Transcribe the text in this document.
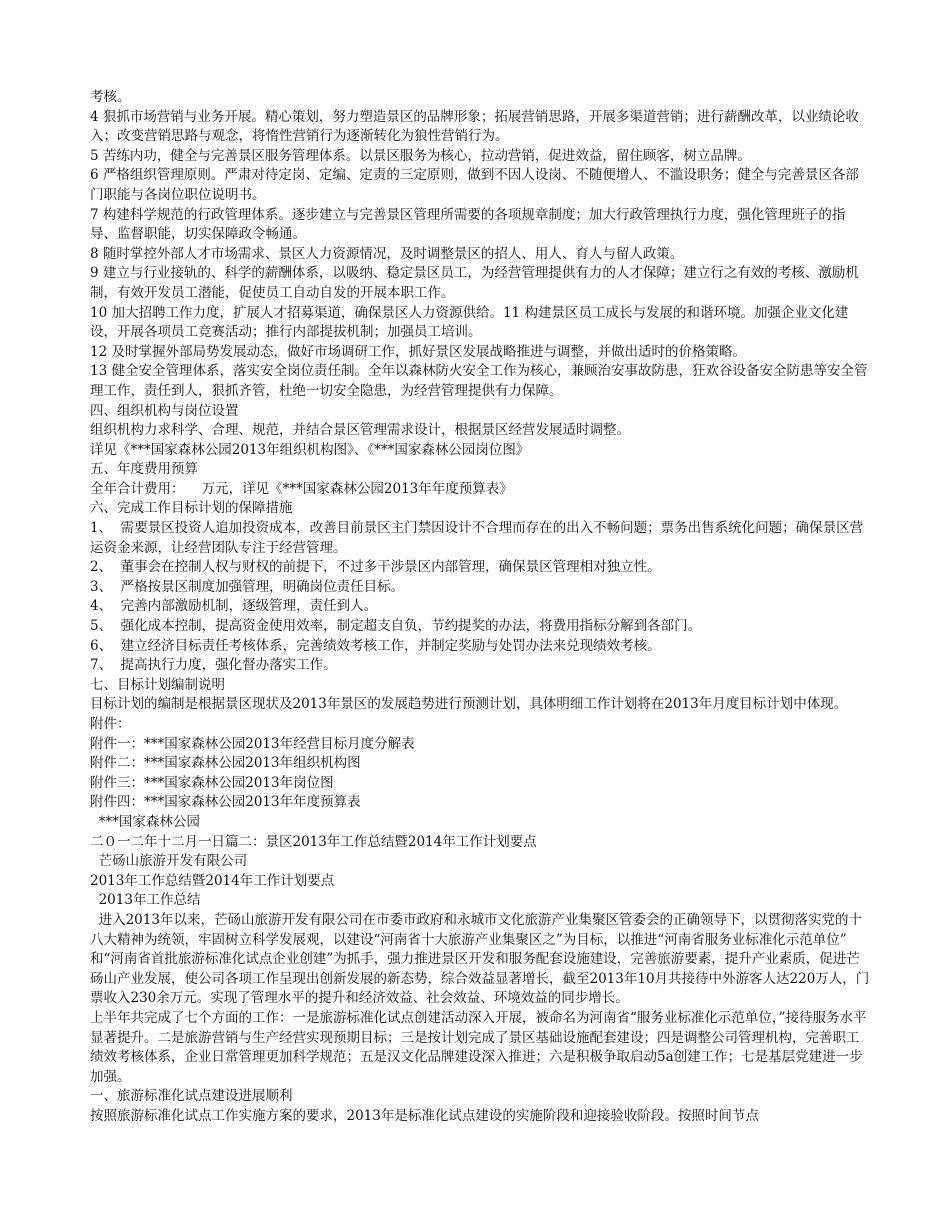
考核。

4 狠抓市场营销与业务开展。精心策划，努力塑造景区的品牌形象；拓展营销思路，开展多渠道营销；进行薪酬改革，以业绩论收入；改变营销思路与观念，将惰性营销行为逐渐转化为狼性营销行为。

5 苦练内功，健全与完善景区服务管理体系。以景区服务为核心，拉动营销，促进效益，留住顾客，树立品牌。

6 严格组织管理原则。严肃对待定岗、定编、定责的三定原则，做到不因人设岗、不随便增人、不滥设职务；健全与完善景区各部门职能与各岗位职位说明书。

7 构建科学规范的行政管理体系。逐步建立与完善景区管理所需要的各项规章制度；加大行政管理执行力度，强化管理班子的指导、监督职能，切实保障政令畅通。

8 随时掌控外部人才市场需求、景区人力资源情况，及时调整景区的招人、用人、育人与留人政策。

9 建立与行业接轨的、科学的薪酬体系，以吸纳、稳定景区员工，为经营管理提供有力的人才保障；建立行之有效的考核、激励机制，有效开发员工潜能，促使员工自动自发的开展本职工作。

10 加大招聘工作力度，扩展人才招募渠道，确保景区人力资源供给。11 构建景区员工成长与发展的和谐环境。加强企业文化建设，开展各项员工竞赛活动；推行内部提拔机制；加强员工培训。

12 及时掌握外部局势发展动态，做好市场调研工作，抓好景区发展战略推进与调整，并做出适时的价格策略。

13 健全安全管理体系，落实安全岗位责任制。全年以森林防火安全工作为核心，兼顾治安事故防患，狂欢谷设备安全防患等安全管理工作，责任到人，狠抓齐管，杜绝一切安全隐患，为经营管理提供有力保障。

四、组织机构与岗位设置

组织机构力求科学、合理、规范，并结合景区管理需求设计，根据景区经营发展适时调整。

详见《***国家森林公园2013年组织机构图》、《***国家森林公园岗位图》

五、年度费用预算

全年合计费用：    万元，详见《***国家森林公园2013年年度预算表》

六、完成工作目标计划的保障措施

1、  需要景区投资人追加投资成本，改善目前景区主门禁因设计不合理而存在的出入不畅问题；票务出售系统化问题；确保景区营运资金来源，让经营团队专注于经营管理。

2、  董事会在控制人权与财权的前提下，不过多干涉景区内部管理，确保景区管理相对独立性。

3、  严格按景区制度加强管理，明确岗位责任目标。

4、  完善内部激励机制，逐级管理，责任到人。

5、  强化成本控制，提高资金使用效率，制定超支自负，节约提奖的办法，将费用指标分解到各部门。

6、  建立经济目标责任考核体系，完善绩效考核工作，并制定奖励与处罚办法来兑现绩效考核。

7、  提高执行力度，强化督办落实工作。

七、目标计划编制说明

目标计划的编制是根据景区现状及2013年景区的发展趋势进行预测计划，具体明细工作计划将在2013年月度目标计划中体现。

附件：

附件一：***国家森林公园2013年经营目标月度分解表

附件二：***国家森林公园2013年组织机构图

附件三：***国家森林公园2013年岗位图

附件四：***国家森林公园2013年年度预算表

***国家森林公园

二０一二年十二月一日篇二：景区2013年工作总结暨2014年工作计划要点

芒砀山旅游开发有限公司

2013年工作总结暨2014年工作计划要点

2013年工作总结

进入2013年以来，芒砀山旅游开发有限公司在市委市政府和永城市文化旅游产业集聚区管委会的正确领导下，以贯彻落实党的十八大精神为统领，牢固树立科学发展观，以建设“河南省十大旅游产业集聚区之”为目标，以推进“河南省服务业标准化示范单位”  和“河南省首批旅游标准化试点企业创建”为抓手，强力推进景区开发和服务配套设施建设，完善旅游要素，提升产业素质，促进芒砀山产业发展，使公司各项工作呈现出创新发展的新态势，综合效益显著增长，截至2013年10月共接待中外游客人达220万人，门票收入230余万元。实现了管理水平的提升和经济效益、社会效益、环境效益的同步增长。

上半年共完成了七个方面的工作：一是旅游标准化试点创建活动深入开展，被命名为河南省“服务业标准化示范单位，”接待服务水平显著提升。二是旅游营销与生产经营实现预期目标；三是按计划完成了景区基础设施配套建设；四是调整公司管理机构，完善职工绩效考核体系，企业日常管理更加科学规范；五是汉文化品牌建设深入推进；六是积极争取启动5a创建工作；七是基层党建进一步加强。

一、旅游标准化试点建设进展顺利

按照旅游标准化试点工作实施方案的要求，2013年是标准化试点建设的实施阶段和迎接验收阶段。按照时间节点
